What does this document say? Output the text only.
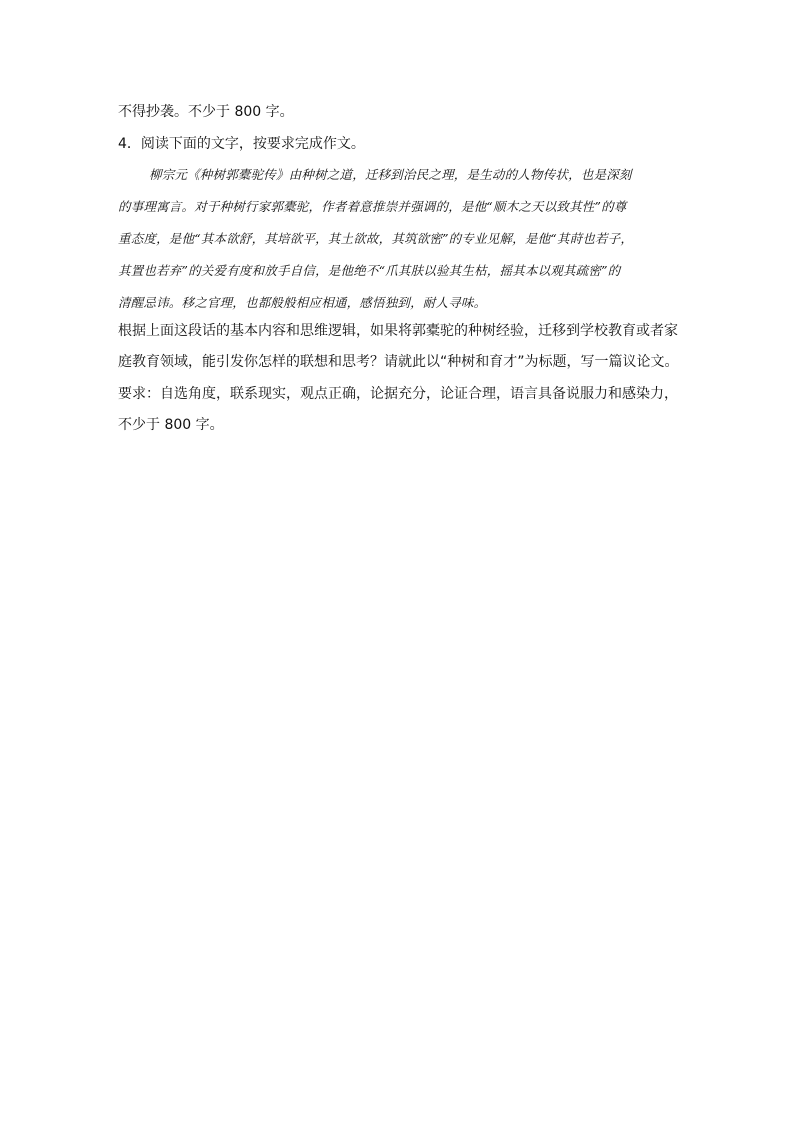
不得抄袭。不少于 800 字。
4．阅读下面的文字，按要求完成作文。
柳宗元《种树郭橐驼传》由种树之道，迁移到治民之理，是生动的人物传状，也是深刻
的事理寓言。对于种树行家郭橐驼，作者着意推崇并强调的，是他“顺木之天以致其性”的尊
重态度，是他“其本欲舒，其培欲平，其土欲故，其筑欲密”的专业见解，是他“其莳也若子，
其置也若弃”的关爱有度和放手自信，是他绝不“爪其肤以验其生枯，摇其本以观其疏密”的
清醒忌讳。移之官理，也都般般相应相通，感悟独到，耐人寻味。
根据上面这段话的基本内容和思维逻辑，如果将郭橐驼的种树经验，迁移到学校教育或者家
庭教育领域，能引发你怎样的联想和思考？请就此以“种树和育才”为标题，写一篇议论文。
要求：自选角度，联系现实，观点正确，论据充分，论证合理，语言具备说服力和感染力，
不少于 800 字。
